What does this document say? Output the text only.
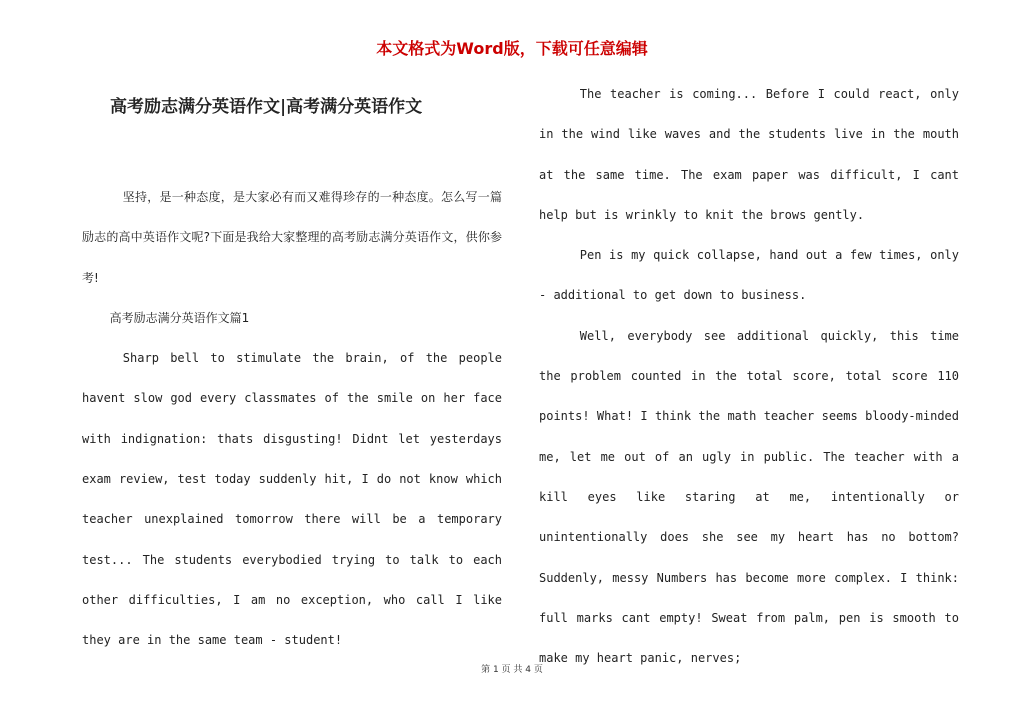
本文格式为Word版，下载可任意编辑
高考励志满分英语作文|高考满分英语作文

坚持，是一种态度，是大家必有而又难得珍存的一种态度。怎么写一篇励志的高中英语作文呢?下面是我给大家整理的高考励志满分英语作文，供你参考!

高考励志满分英语作文篇1

Sharp bell to stimulate the brain, of the people havent slow god every classmates of the smile on her face with indignation: thats disgusting! Didnt let yesterdays exam review, test today suddenly hit, I do not know which teacher unexplained tomorrow there will be a temporary test... The students everybodied trying to talk to each other difficulties, I am no exception, who call I like they are in the same team - student!

The teacher is coming... Before I could react, only in the wind like waves and the students live in the mouth at the same time. The exam paper was difficult, I cant help but is wrinkly to knit the brows gently.

Pen is my quick collapse, hand out a few times, only - additional to get down to business.

Well, everybody see additional quickly, this time the problem counted in the total score, total score 110 points! What! I think the math teacher seems bloody-minded me, let me out of an ugly in public. The teacher with a kill eyes like staring at me, intentionally or unintentionally does she see my heart has no bottom? Suddenly, messy Numbers has become more complex. I think: full marks cant empty! Sweat from palm, pen is smooth to make my heart panic, nerves;

第 1 页 共 4 页
